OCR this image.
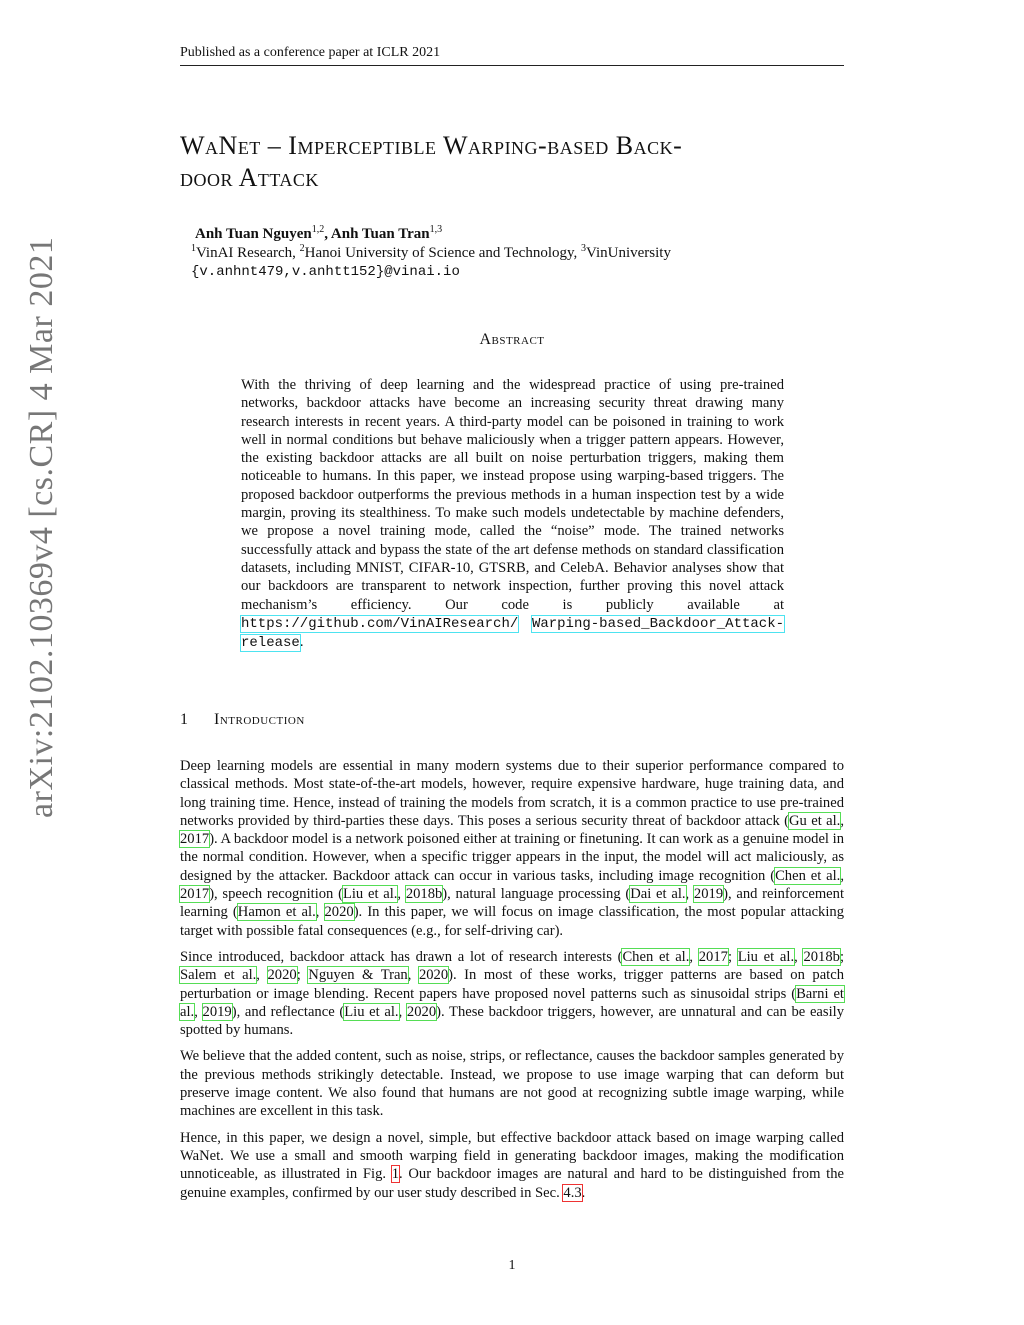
Published as a conference paper at ICLR 2021
arXiv:2102.10369v4 [cs.CR] 4 Mar 2021
WaNet – Imperceptible Warping-based Back-
door Attack
Anh Tuan Nguyen$^{1,2}$, Anh Tuan Tran$^{1,3}$
$^1$VinAI Research, $^2$Hanoi University of Science and Technology, $^3$VinUniversity
{v.anhnt479,v.anhtt152}@vinai.io
Abstract
With the thriving of deep learning and the widespread practice of using pre-trained networks, backdoor attacks have become an increasing security threat drawing many research interests in recent years. A third-party model can be poisoned in training to work well in normal conditions but behave maliciously when a trigger pattern appears. However, the existing backdoor attacks are all built on noise perturbation triggers, making them noticeable to humans. In this paper, we instead propose using warping-based triggers. The proposed backdoor outperforms the previous methods in a human inspection test by a wide margin, proving its stealthiness. To make such models undetectable by machine defenders, we propose a novel training mode, called the “noise” mode. The trained networks successfully attack and bypass the state of the art defense methods on standard classification datasets, including MNIST, CIFAR-10, GTSRB, and CelebA. Behavior analyses show that our backdoors are transparent to network inspection, further proving this novel attack mechanism’s efficiency. Our code is publicly available at https://github.com/VinAIResearch/ Warping-based_Backdoor_Attack-release.
1 Introduction

Deep learning models are essential in many modern systems due to their superior performance compared to classical methods. Most state-of-the-art models, however, require expensive hardware, huge training data, and long training time. Hence, instead of training the models from scratch, it is a common practice to use pre-trained networks provided by third-parties these days. This poses a serious security threat of backdoor attack (Gu et al., 2017). A backdoor model is a network poisoned either at training or finetuning. It can work as a genuine model in the normal condition. However, when a specific trigger appears in the input, the model will act maliciously, as designed by the attacker. Backdoor attack can occur in various tasks, including image recognition (Chen et al., 2017), speech recognition (Liu et al., 2018b), natural language processing (Dai et al., 2019), and reinforcement learning (Hamon et al., 2020). In this paper, we will focus on image classification, the most popular attacking target with possible fatal consequences (e.g., for self-driving car).

Since introduced, backdoor attack has drawn a lot of research interests (Chen et al., 2017; Liu et al., 2018b; Salem et al., 2020; Nguyen & Tran, 2020). In most of these works, trigger patterns are based on patch perturbation or image blending. Recent papers have proposed novel patterns such as sinusoidal strips (Barni et al., 2019), and reflectance (Liu et al., 2020). These backdoor triggers, however, are unnatural and can be easily spotted by humans.

We believe that the added content, such as noise, strips, or reflectance, causes the backdoor samples generated by the previous methods strikingly detectable. Instead, we propose to use image warping that can deform but preserve image content. We also found that humans are not good at recognizing subtle image warping, while machines are excellent in this task.

Hence, in this paper, we design a novel, simple, but effective backdoor attack based on image warping called WaNet. We use a small and smooth warping field in generating backdoor images, making the modification unnoticeable, as illustrated in Fig. 1. Our backdoor images are natural and hard to be distinguished from the genuine examples, confirmed by our user study described in Sec. 4.3.

1
